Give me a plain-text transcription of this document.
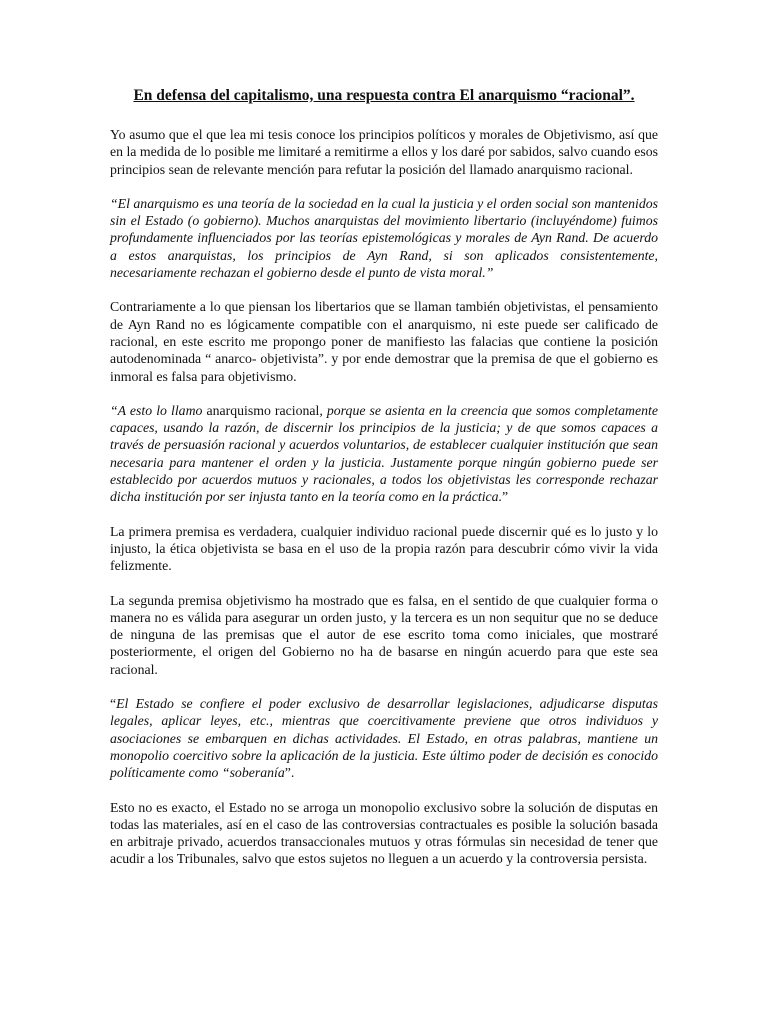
En defensa del capitalismo, una respuesta contra El anarquismo “racional”.

Yo asumo que el que lea mi tesis conoce los principios políticos y morales de Objetivismo, así que en la medida de lo posible me limitaré a remitirme a ellos y los daré por sabidos, salvo cuando esos principios sean de relevante mención para refutar la posición del llamado anarquismo racional.

“El anarquismo es una teoría de la sociedad en la cual la justicia y el orden social son mantenidos sin el Estado (o gobierno). Muchos anarquistas del movimiento libertario (incluyéndome) fuimos profundamente influenciados por las teorías epistemológicas y morales de Ayn Rand. De acuerdo a estos anarquistas, los principios de Ayn Rand, si son aplicados consistentemente, necesariamente rechazan el gobierno desde el punto de vista moral.”

Contrariamente a lo que piensan los libertarios que se llaman también objetivistas, el pensamiento de Ayn Rand no es lógicamente compatible con el anarquismo, ni este puede ser calificado de racional, en este escrito me propongo poner de manifiesto las falacias que contiene la posición autodenominada “ anarco- objetivista”. y por ende demostrar que la premisa de que el gobierno es inmoral es falsa para objetivismo.

“A esto lo llamo anarquismo racional, porque se asienta en la creencia que somos completamente capaces, usando la razón, de discernir los principios de la justicia; y de que somos capaces a través de persuasión racional y acuerdos voluntarios, de establecer cualquier institución que sean necesaria para mantener el orden y la justicia. Justamente porque ningún gobierno puede ser establecido por acuerdos mutuos y racionales, a todos los objetivistas les corresponde rechazar dicha institución por ser injusta tanto en la teoría como en la práctica.”

La primera premisa es verdadera, cualquier individuo racional puede discernir qué es lo justo y lo injusto, la ética objetivista se basa en el uso de la propia razón para descubrir cómo vivir la vida felizmente.

La segunda premisa objetivismo ha mostrado que es falsa, en el sentido de que cualquier forma o manera no es válida para asegurar un orden justo, y la tercera es un non sequitur que no se deduce de ninguna de las premisas que el autor de ese escrito toma como iniciales, que mostraré posteriormente, el origen del Gobierno no ha de basarse en ningún acuerdo para que este sea racional.

“El Estado se confiere el poder exclusivo de desarrollar legislaciones, adjudicarse disputas legales, aplicar leyes, etc., mientras que coercitivamente previene que otros individuos y asociaciones se embarquen en dichas actividades. El Estado, en otras palabras, mantiene un monopolio coercitivo sobre la aplicación de la justicia. Este último poder de decisión es conocido políticamente como “soberanía”.

Esto no es exacto, el Estado no se arroga un monopolio exclusivo sobre la solución de disputas en todas las materiales, así en el caso de las controversias contractuales es posible la solución basada en arbitraje privado, acuerdos transaccionales mutuos y otras fórmulas sin necesidad de tener que acudir a los Tribunales, salvo que estos sujetos no lleguen a un acuerdo y la controversia persista.
